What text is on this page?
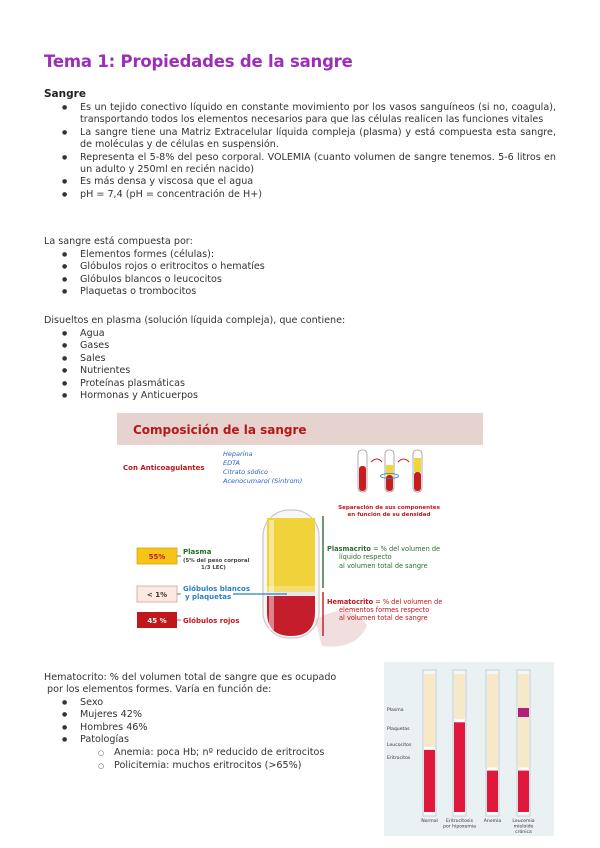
Tema 1: Propiedades de la sangre
Sangre
● Es un tejido conectivo líquido en constante movimiento por los vasos sanguíneos (si no, coagula), transportando todos los elementos necesarios para que las células realicen las funciones vitales
● La sangre tiene una Matriz Extracelular líquida compleja (plasma) y está compuesta esta sangre, de moléculas y de células en suspensión.
● Representa el 5-8% del peso corporal. VOLEMIA (cuanto volumen de sangre tenemos. 5-6 litros en un adulto y 250ml en recién nacido)
● Es más densa y viscosa que el agua
● pH = 7,4 (pH = concentración de H+)

La sangre está compuesta por:

● Elementos formes (células):
● Glóbulos rojos o eritrocitos o hematíes
● Glóbulos blancos o leucocitos
● Plaquetas o trombocitos

Disueltos en plasma (solución líquida compleja), que contiene:

● Agua
● Gases
● Sales
● Nutrientes
● Proteínas plasmáticas
● Hormonas y Anticuerpos
Composición de la sangre
Con Anticoagulantes
Heparina
EDTA
Citrato sódico
Acenocumarol (Sintrom)
Separación de sus componentes
en función de su densidad
55%
Plasma
(5% del peso corporal
1/3 LEC)
< 1%
Glóbulos blancos
y plaquetas
45 % Glóbulos rojos
Plasmacrito = % del volumen de
líquido respecto
al volumen total de sangre
Hematocrito = % del volumen de
elementos formes respecto
al volumen total de sangre

Hematocrito: % del volumen total de sangre que es ocupado

por los elementos formes. Varía en función de:

● Sexo
● Mujeres 42%
● Hombres 46%
● Patologías
○ Anemia: poca Hb; nº reducido de eritrocitos
○ Policitemia: muchos eritrocitos (>65%)
Plasma
Plaquetas
Leucocitos
Eritrocitos
Normal Eritrocitosis
por hipoxemia
Anemia Leucemia
mieloide
crónica
